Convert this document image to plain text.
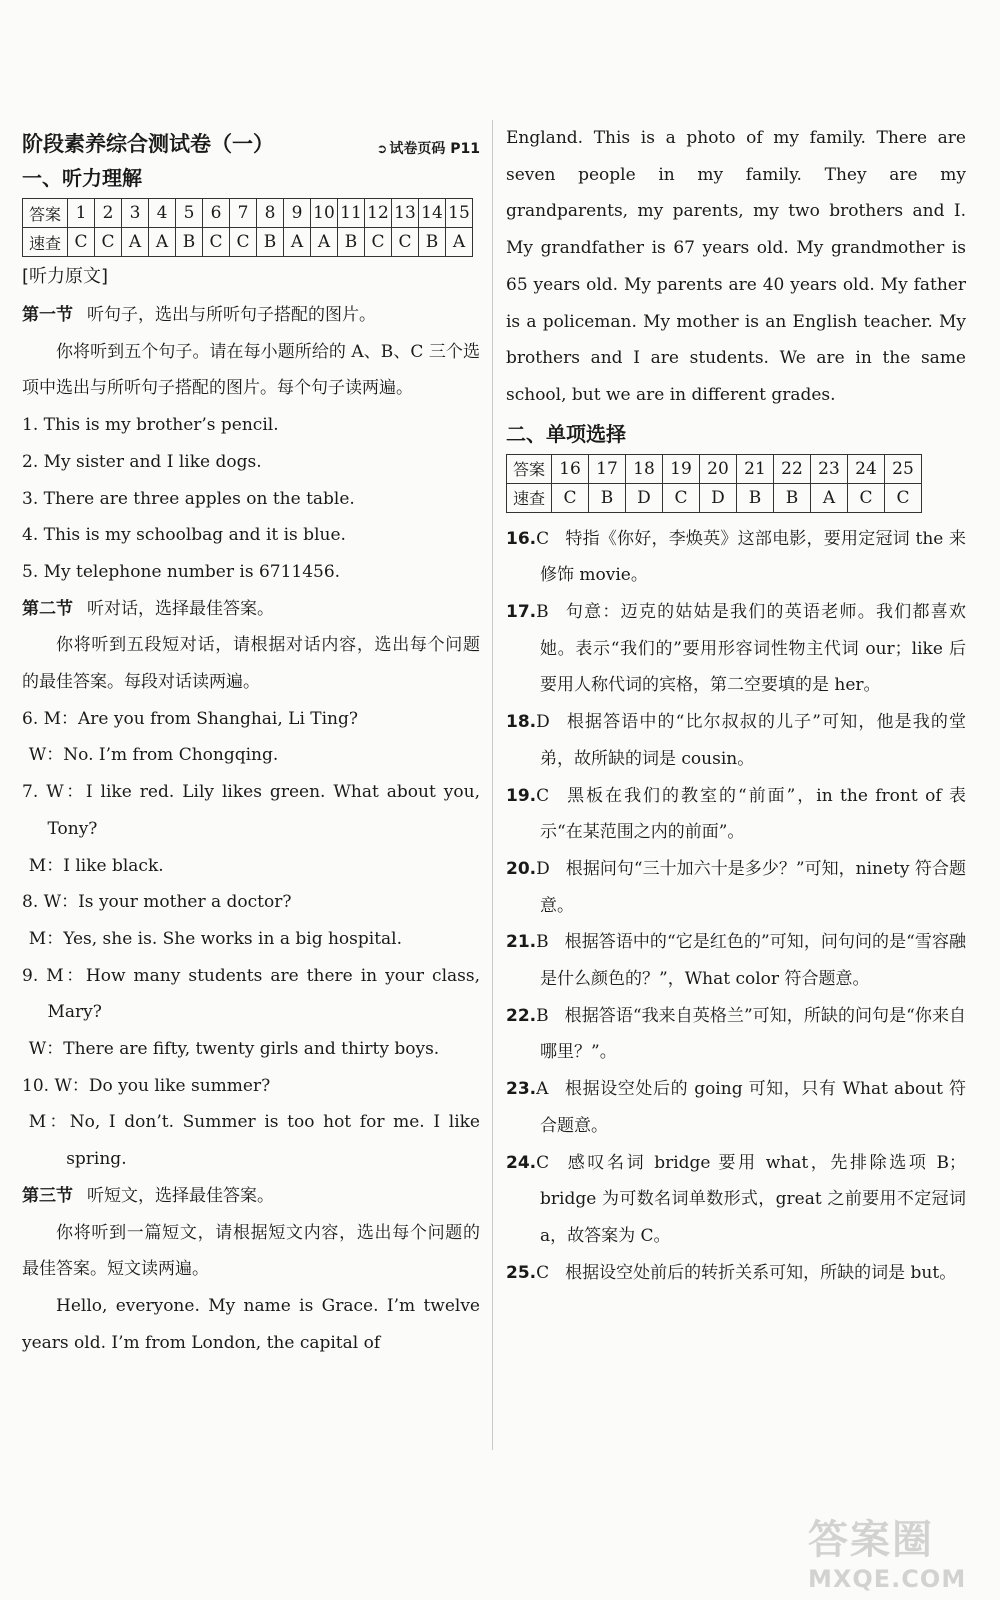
阶段素养综合测试卷（一）	➲ 试卷页码 P11
一、听力理解
答案	1	2	3	4	5	6	7	8	9	10	11	12	13	14	15
速查	C	C	A	A	B	C	C	B	A	A	B	C	C	B	A
[听力原文]

第一节 听句子，选出与所听句子搭配的图片。

你将听到五个句子。请在每小题所给的 A、B、C 三个选项中选出与所听句子搭配的图片。每个句子读两遍。

1. This is my brother’s pencil.

2. My sister and I like dogs.

3. There are three apples on the table.

4. This is my schoolbag and it is blue.

5. My telephone number is 6711456.

第二节 听对话，选择最佳答案。

你将听到五段短对话，请根据对话内容，选出每个问题的最佳答案。每段对话读两遍。

6. M：Are you from Shanghai, Li Ting?

W：No. I’m from Chongqing.

7. W：I like red. Lily likes green. What about you, Tony?

M：I like black.

8. W：Is your mother a doctor?

M：Yes, she is. She works in a big hospital.

9. M：How many students are there in your class, Mary?

W：There are fifty, twenty girls and thirty boys.

10. W：Do you like summer?

M：No, I don’t. Summer is too hot for me. I like spring.

第三节 听短文，选择最佳答案。

你将听到一篇短文，请根据短文内容，选出每个问题的最佳答案。短文读两遍。

Hello, everyone. My name is Grace. I’m twelve years old. I’m from London, the capital of

England. This is a photo of my family. There are seven people in my family. They are my grandparents, my parents, my two brothers and I. My grandfather is 67 years old. My grandmother is 65 years old. My parents are 40 years old. My father is a policeman. My mother is an English teacher. My brothers and I are students. We are in the same school, but we are in different grades.

二、单项选择
答案	16	17	18	19	20	21	22	23	24	25
速查	C	B	D	C	D	B	B	A	C	C

16.C 特指《你好，李焕英》这部电影，要用定冠词 the 来修饰 movie。

17.B 句意：迈克的姑姑是我们的英语老师。我们都喜欢她。表示“我们的”要用形容词性物主代词 our；like 后要用人称代词的宾格，第二空要填的是 her。

18.D 根据答语中的“比尔叔叔的儿子”可知，他是我的堂弟，故所缺的词是 cousin。

19.C 黑板在我们的教室的“前面”，in the front of 表示“在某范围之内的前面”。

20.D 根据问句“三十加六十是多少？”可知，ninety 符合题意。

21.B 根据答语中的“它是红色的”可知，问句问的是“雪容融是什么颜色的？”，What color 符合题意。

22.B 根据答语“我来自英格兰”可知，所缺的问句是“你来自哪里？”。

23.A 根据设空处后的 going 可知，只有 What about 符合题意。

24.C 感叹名词 bridge 要用 what，先排除选项 B；bridge 为可数名词单数形式，great 之前要用不定冠词 a，故答案为 C。

25.C 根据设空处前后的转折关系可知，所缺的词是 but。

答案圈
MXQE.COM
